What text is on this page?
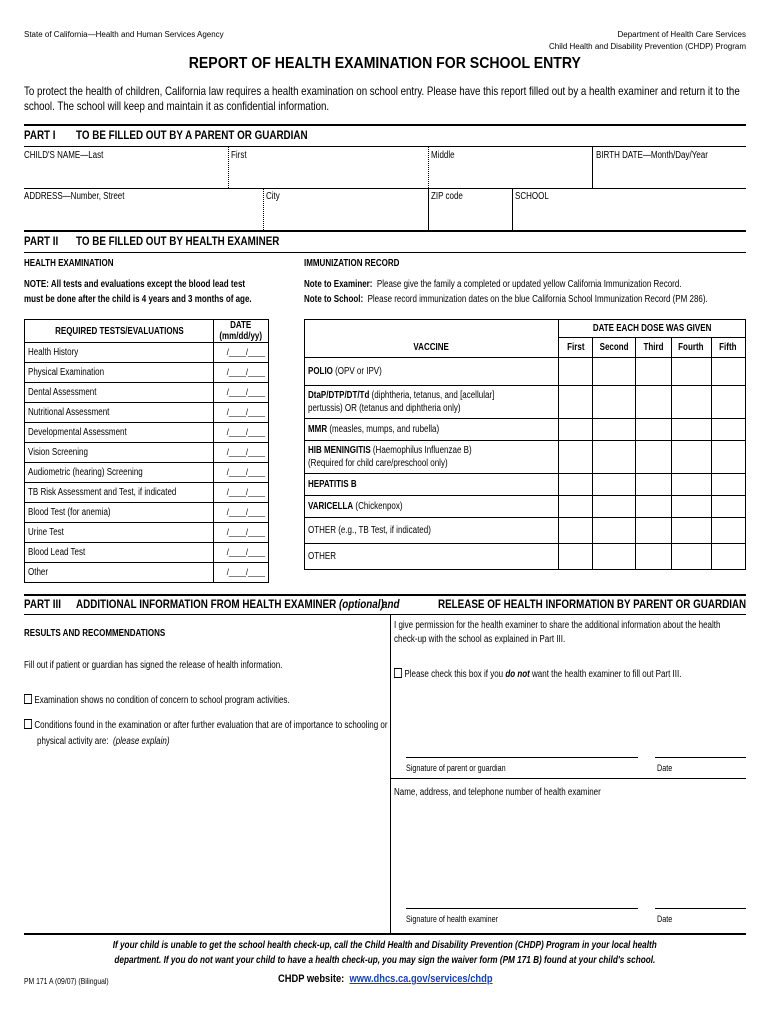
State of California—Health and Human Services Agency	Department of Health Care Services
Child Health and Disability Prevention (CHDP) Program
REPORT OF HEALTH EXAMINATION FOR SCHOOL ENTRY
To protect the health of children, California law requires a health examination on school entry. Please have this report filled out by a health examiner and return it to the school. The school will keep and maintain it as confidential information.
PART I TO BE FILLED OUT BY A PARENT OR GUARDIAN
CHILD'S NAME—Last	First	Middle	BIRTH DATE—Month/Day/Year
ADDRESS—Number, Street	City	ZIP code	SCHOOL
PART II TO BE FILLED OUT BY HEALTH EXAMINER
HEALTH EXAMINATION
NOTE: All tests and evaluations except the blood lead test
must be done after the child is 4 years and 3 months of age.
IMMUNIZATION RECORD
Note to Examiner: Please give the family a completed or updated yellow California Immunization Record.
Note to School: Please record immunization dates on the blue California School Immunization Record (PM 286).
REQUIRED TESTS/EVALUATIONS	DATE (mm/dd/yy)
Health History	/____/____
Physical Examination	/____/____
Dental Assessment	/____/____
Nutritional Assessment	/____/____
Developmental Assessment	/____/____
Vision Screening	/____/____
Audiometric (hearing) Screening	/____/____
TB Risk Assessment and Test, if indicated	/____/____
Blood Test (for anemia)	/____/____
Urine Test	/____/____
Blood Lead Test	/____/____
Other	/____/____
VACCINE	DATE EACH DOSE WAS GIVEN				
	First	Second	Third	Fourth	Fifth

POLIO (OPV or IPV)					

DtaP/DTP/DT/Td (diphtheria, tetanus, and [acellular]
pertussis) OR (tetanus and diphtheria only)					

MMR (measles, mumps, and rubella)					

HIB MENINGITIS (Haemophilus Influenzae B)
(Required for child care/preschool only)					

HEPATITIS B					

VARICELLA (Chickenpox)					

OTHER (e.g., TB Test, if indicated)					

OTHER					

PART III ADDITIONAL INFORMATION FROM HEALTH EXAMINER (optional)
and	RELEASE OF HEALTH INFORMATION BY PARENT OR GUARDIAN
RESULTS AND RECOMMENDATIONS
Fill out if patient or guardian has signed the release of health information.
Examination shows no condition of concern to school program activities.
Conditions found in the examination or after further evaluation that are of importance to schooling or
physical activity are: (please explain)
I give permission for the health examiner to share the additional information about the health
check-up with the school as explained in Part III.
Please check this box if you do not want the health examiner to fill out Part III.
Signature of parent or guardian	Date
Name, address, and telephone number of health examiner
Signature of health examiner	Date
If your child is unable to get the school health check-up, call the Child Health and Disability Prevention (CHDP) Program in your local health
department. If you do not want your child to have a health check-up, you may sign the waiver form (PM 171 B) found at your child's school.
PM 171 A (09/07) (Bilingual)	CHDP website: www.dhcs.ca.gov/services/chdp
